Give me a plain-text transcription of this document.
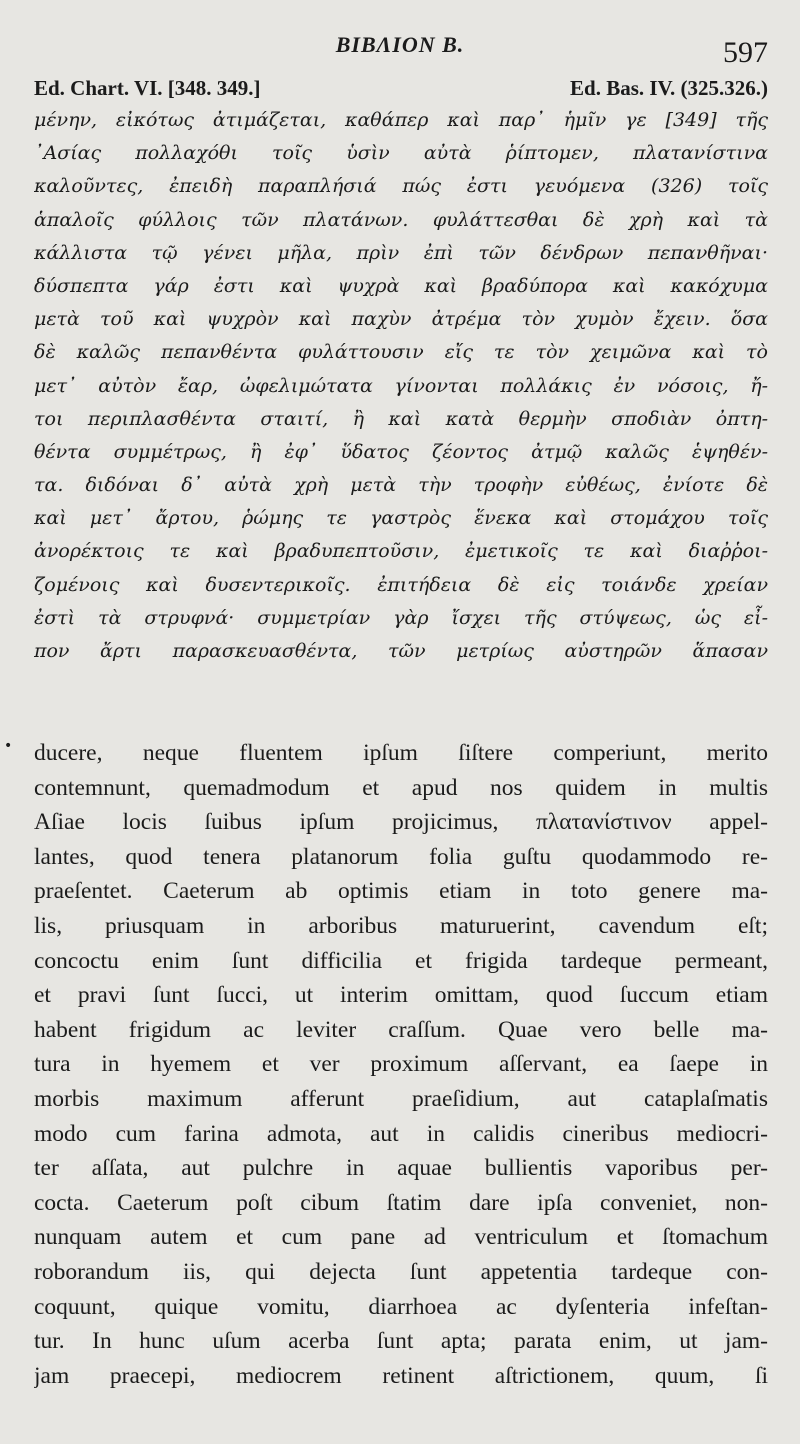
ΒΙΒΛΙΟΝ Β.	597
Ed. Chart. VI. [348. 349.]	Ed. Bas. IV. (325.326.)
μένην, εἰκότως ἀτιμάζεται, καθάπερ καὶ παρ᾽ ἡμῖν γε [349] τῆς
᾽Ασίας πολλαχόθι τοῖς ὑσὶν αὐτὰ ῥίπτομεν, πλατανίστινα
καλοῦντες, ἐπειδὴ παραπλήσιά πώς ἐστι γευόμενα (326) τοῖς
ἁπαλοῖς φύλλοις τῶν πλατάνων. φυλάττεσθαι δὲ χρὴ καὶ τὰ
κάλλιστα τῷ γένει μῆλα, πρὶν ἐπὶ τῶν δένδρων πεπανθῆναι·
δύσπεπτα γάρ ἐστι καὶ ψυχρὰ καὶ βραδύπορα καὶ κακόχυμα
μετὰ τοῦ καὶ ψυχρὸν καὶ παχὺν ἀτρέμα τὸν χυμὸν ἔχειν. ὅσα
δὲ καλῶς πεπανθέντα φυλάττουσιν εἴς τε τὸν χειμῶνα καὶ τὸ
μετ᾽ αὐτὸν ἔαρ, ὠφελιμώτατα γίνονται πολλάκις ἐν νόσοις, ἤ-
τοι περιπλασθέντα σταιτί, ἢ καὶ κατὰ θερμὴν σποδιὰν ὀπτη-
θέντα συμμέτρως, ἢ ἐφ᾽ ὕδατος ζέοντος ἀτμῷ καλῶς ἑψηθέν-
τα. διδόναι δ᾽ αὐτὰ χρὴ μετὰ τὴν τροφὴν εὐθέως, ἐνίοτε δὲ
καὶ μετ᾽ ἄρτου, ῥώμης τε γαστρὸς ἕνεκα καὶ στομάχου τοῖς
ἀνορέκτοις τε καὶ βραδυπεπτοῦσιν, ἐμετικοῖς τε καὶ διαῤῥοι-
ζομένοις καὶ δυσεντερικοῖς. ἐπιτήδεια δὲ εἰς τοιάνδε χρείαν
ἐστὶ τὰ στρυφνά· συμμετρίαν γὰρ ἴσχει τῆς στύψεως, ὡς εἶ-
πον ἄρτι παρασκευασθέντα, τῶν μετρίως αὐστηρῶν ἅπασαν
• ducere, neque fluentem ipſum ſiſtere comperiunt, merito
contemnunt, quemadmodum et apud nos quidem in multis
Aſiae locis ſuibus ipſum projicimus, πλατανίστινον appel-
lantes, quod tenera platanorum folia guſtu quodammodo re-
praeſentet. Caeterum ab optimis etiam in toto genere ma-
lis, priusquam in arboribus maturuerint, cavendum eſt;
concoctu enim ſunt difficilia et frigida tardeque permeant,
et pravi ſunt ſucci, ut interim omittam, quod ſuccum etiam
habent frigidum ac leviter craſſum. Quae vero belle ma-
tura in hyemem et ver proximum aſſervant, ea ſaepe in
morbis maximum afferunt praeſidium, aut cataplaſmatis
modo cum farina admota, aut in calidis cineribus mediocri-
ter aſſata, aut pulchre in aquae bullientis vaporibus per-
cocta. Caeterum poſt cibum ſtatim dare ipſa conveniet, non-
nunquam autem et cum pane ad ventriculum et ſtomachum
roborandum iis, qui dejecta ſunt appetentia tardeque con-
coquunt, quique vomitu, diarrhoea ac dyſenteria infeſtan-
tur. In hunc uſum acerba ſunt apta; parata enim, ut jam-
jam praecepi, mediocrem retinent aſtrictionem, quum, ſi
